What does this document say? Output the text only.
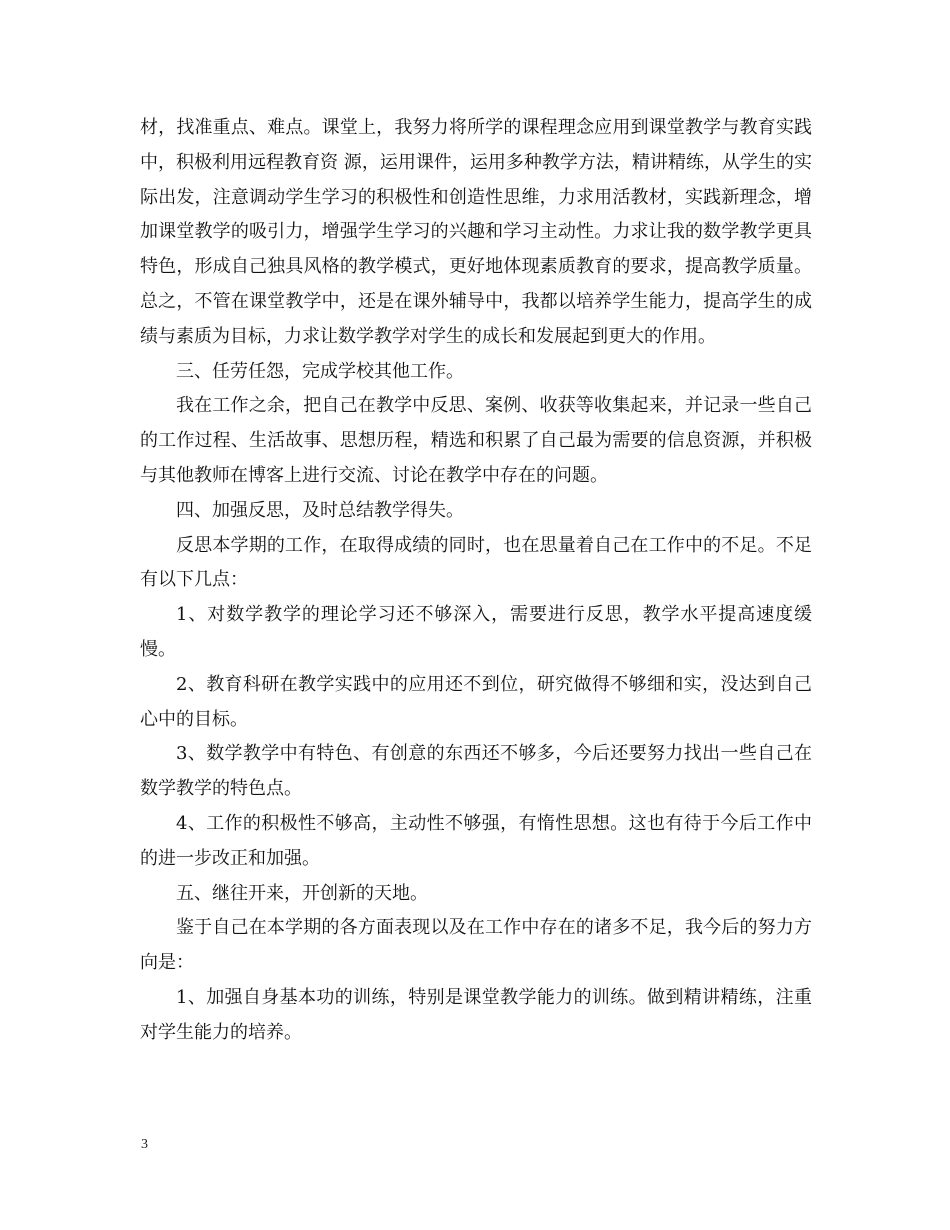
材，找准重点、难点。课堂上，我努力将所学的课程理念应用到课堂教学与教育实践中，积极利用远程教育资 源，运用课件，运用多种教学方法，精讲精练，从学生的实际出发，注意调动学生学习的积极性和创造性思维，力求用活教材，实践新理念，增加课堂教学的吸引力，增强学生学习的兴趣和学习主动性。力求让我的数学教学更具特色，形成自己独具风格的教学模式，更好地体现素质教育的要求，提高教学质量。总之，不管在课堂教学中，还是在课外辅导中，我都以培养学生能力，提高学生的成绩与素质为目标，力求让数学教学对学生的成长和发展起到更大的作用。

三、任劳任怨，完成学校其他工作。

我在工作之余，把自己在教学中反思、案例、收获等收集起来，并记录一些自己的工作过程、生活故事、思想历程，精选和积累了自己最为需要的信息资源，并积极与其他教师在博客上进行交流、讨论在教学中存在的问题。

四、加强反思，及时总结教学得失。

反思本学期的工作，在取得成绩的同时，也在思量着自己在工作中的不足。不足有以下几点：

1、对数学教学的理论学习还不够深入，需要进行反思，教学水平提高速度缓慢。

2、教育科研在教学实践中的应用还不到位，研究做得不够细和实，没达到自己心中的目标。

3、数学教学中有特色、有创意的东西还不够多，今后还要努力找出一些自己在数学教学的特色点。

4、工作的积极性不够高，主动性不够强，有惰性思想。这也有待于今后工作中的进一步改正和加强。

五、继往开来，开创新的天地。

鉴于自己在本学期的各方面表现以及在工作中存在的诸多不足，我今后的努力方向是：

1、加强自身基本功的训练，特别是课堂教学能力的训练。做到精讲精练，注重对学生能力的培养。

3
